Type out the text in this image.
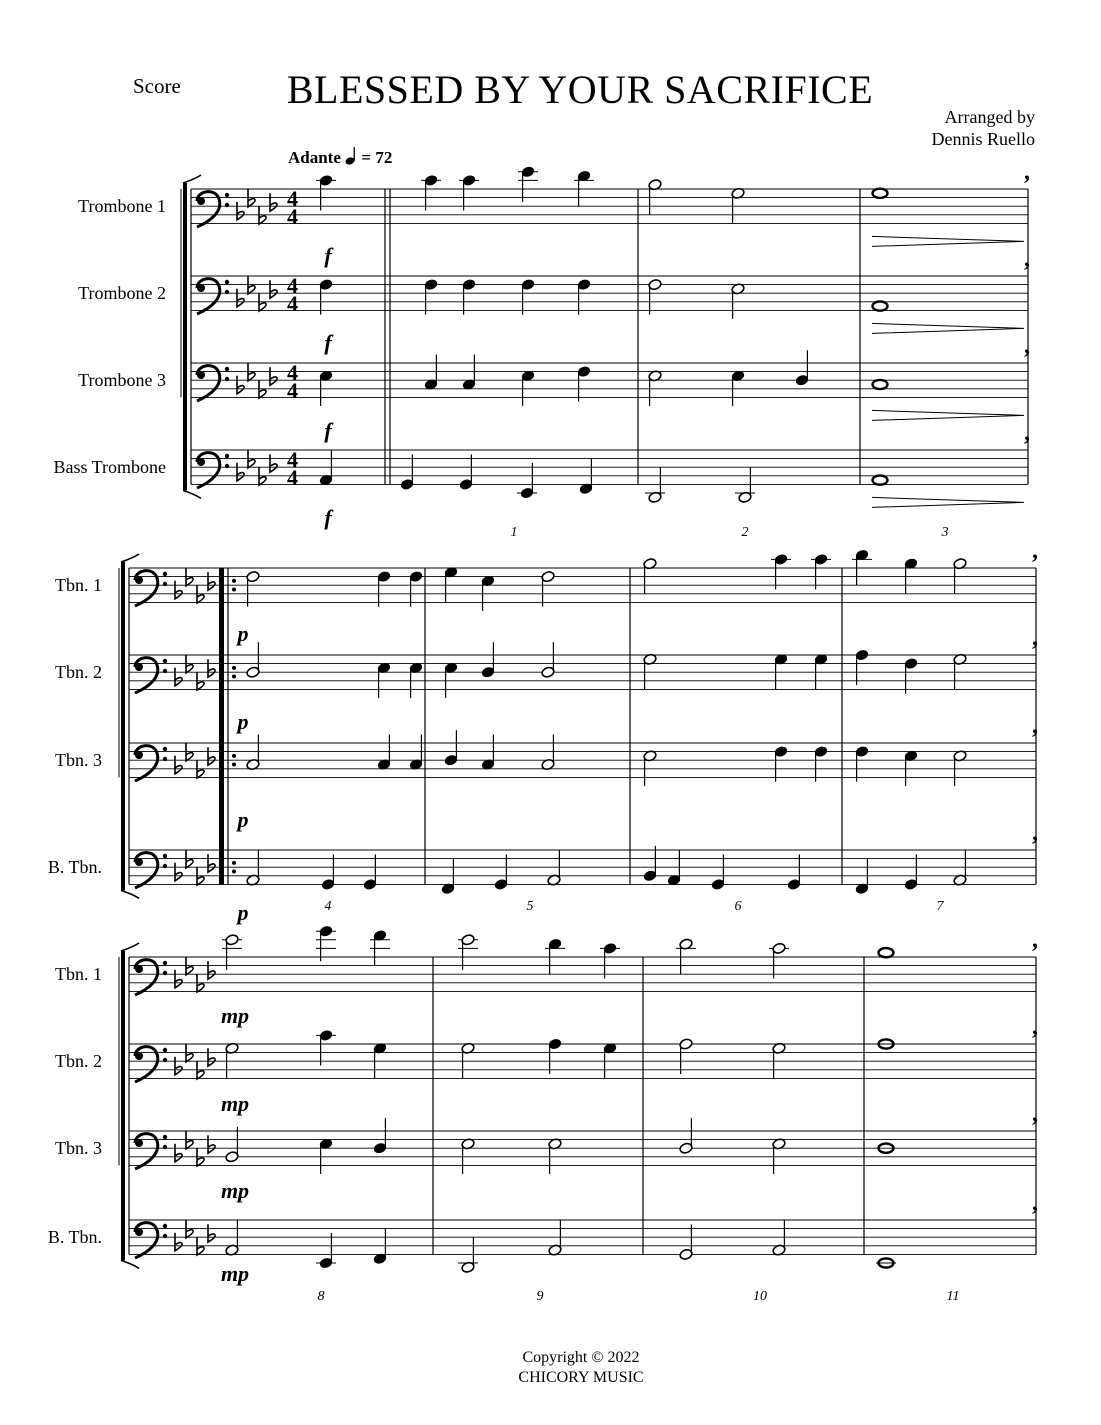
Score	BLESSED BY YOUR SACRIFICE
Arranged by
Dennis Ruello
Adante = 72
4
4
Trombone 1
f
,
4
4
Trombone 2
f
,
4
4
Trombone 3
f
,
4
4
Bass Trombone
f
,
1	2	3
Tbn. 1
p
,
Tbn. 2
p
,
Tbn. 3
p
,
B. Tbn.
p
,
4	5	6	7
Tbn. 1
mp
,
Tbn. 2
mp
,
Tbn. 3
mp
,
B. Tbn.
mp
,
8	9	10	11
Copyright © 2022
CHICORY MUSIC
